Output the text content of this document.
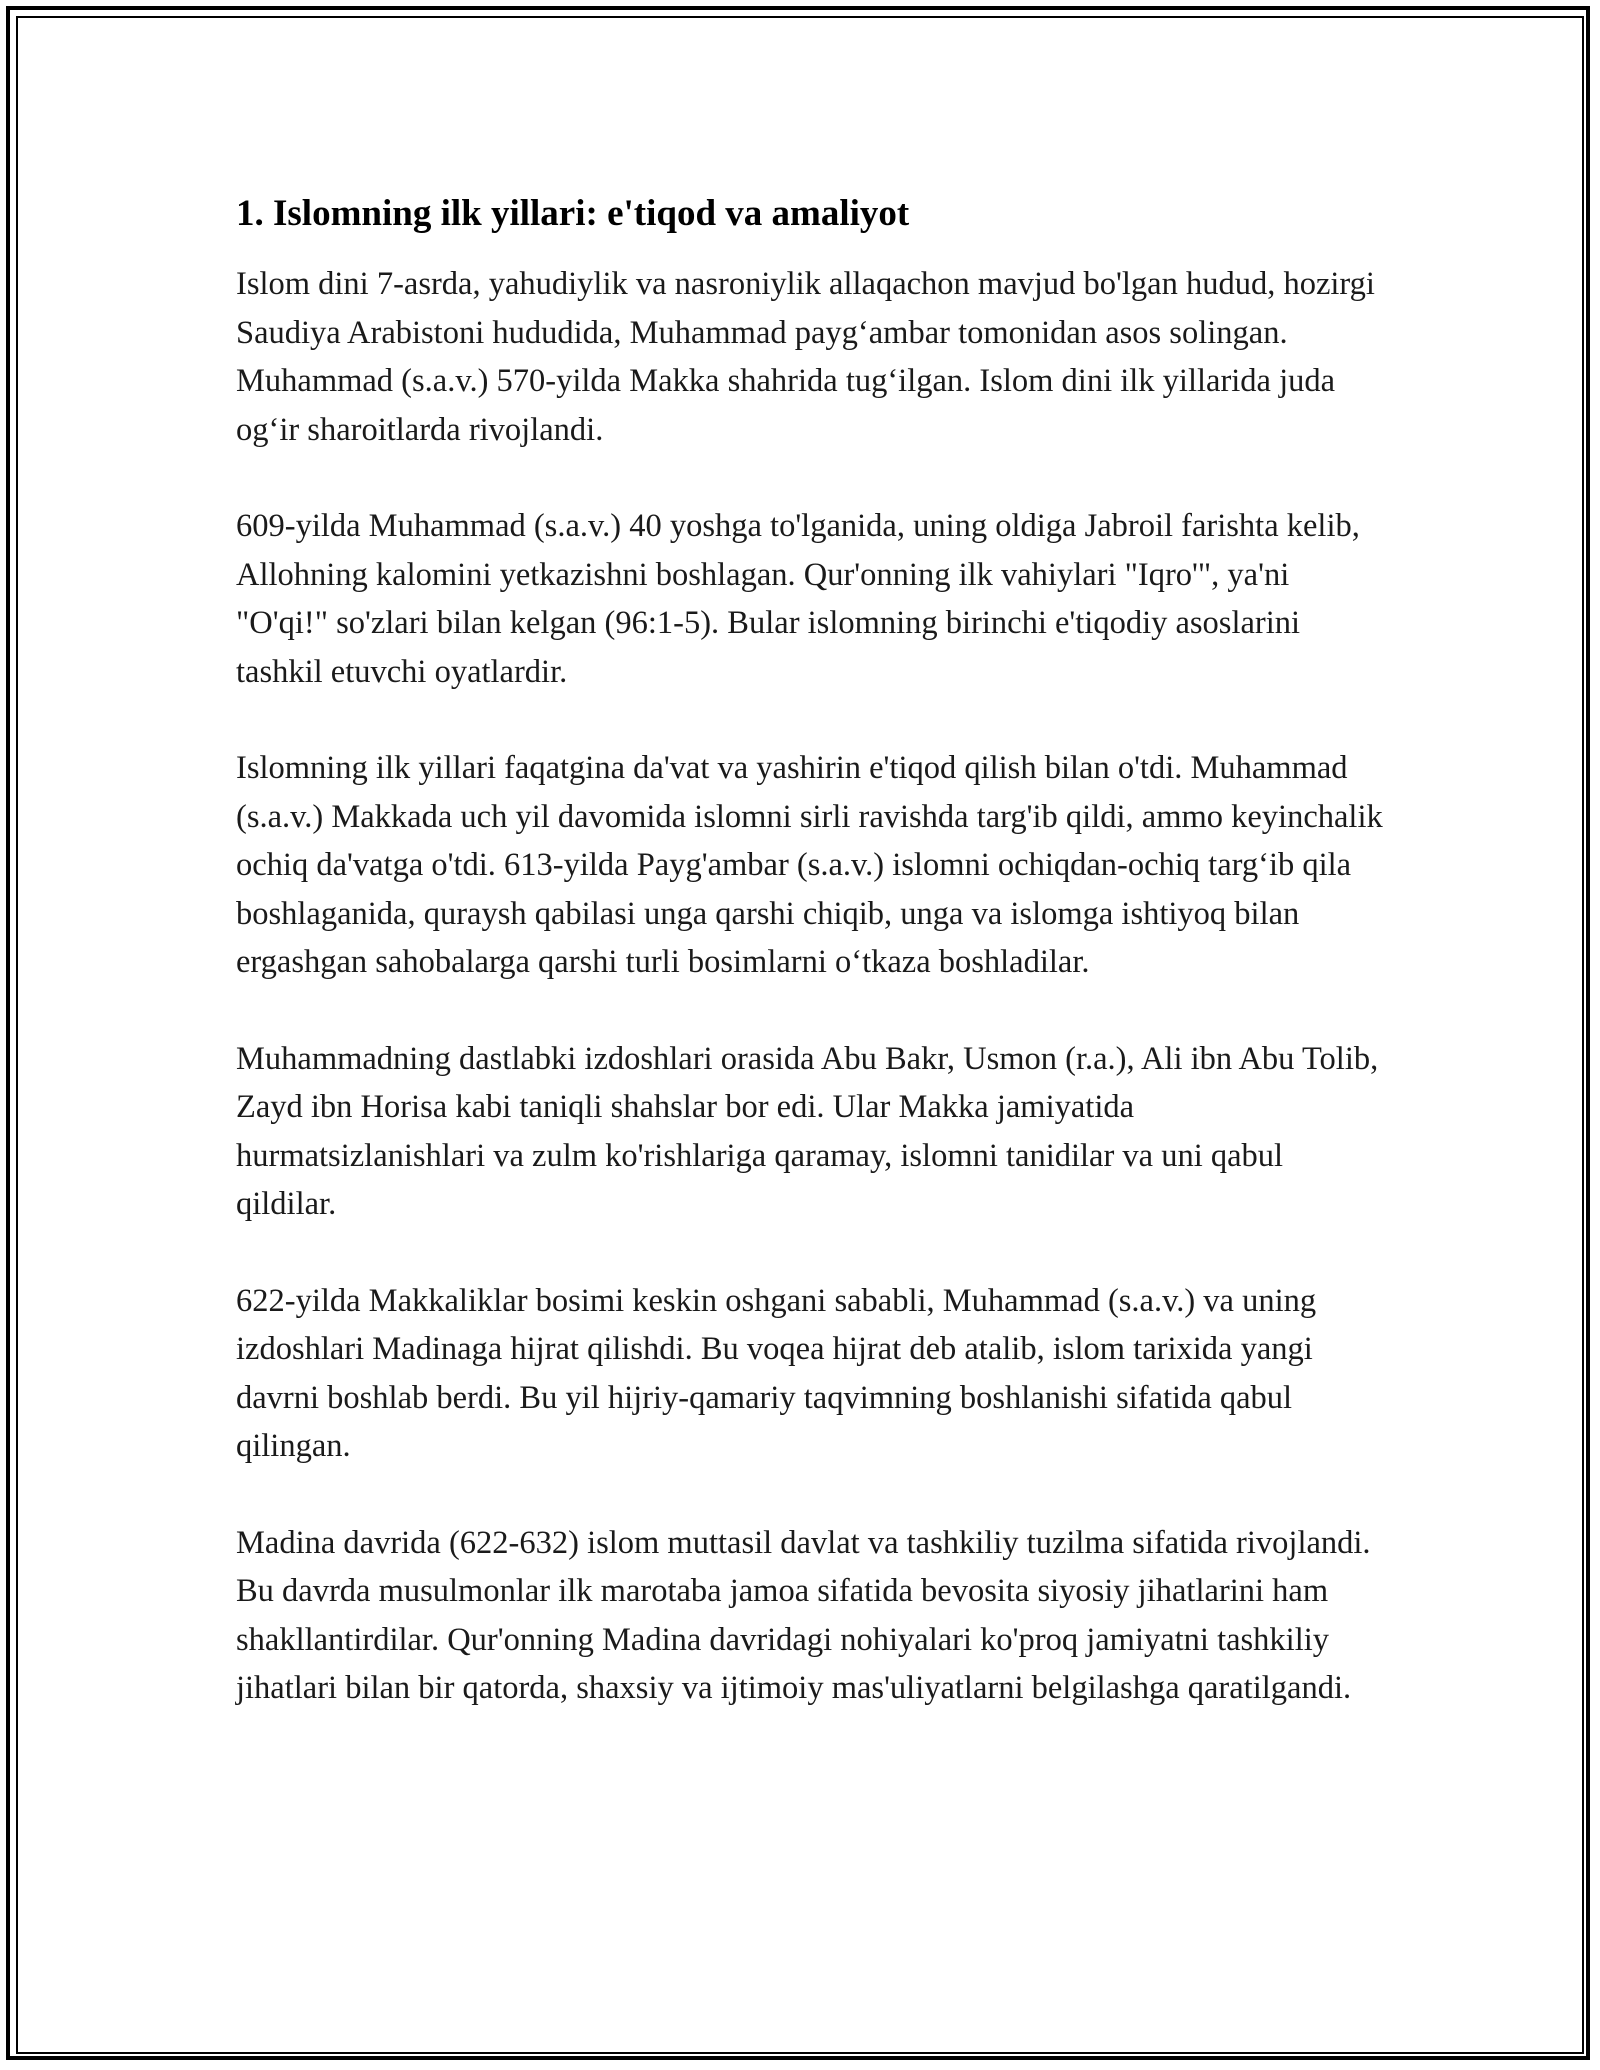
1. Islomning ilk yillari: e'tiqod va amaliyot

Islom dini 7-asrda, yahudiylik va nasroniylik allaqachon mavjud bo'lgan hudud, hozirgi Saudiya Arabistoni hududida, Muhammad payg‘ambar tomonidan asos solingan. Muhammad (s.a.v.) 570-yilda Makka shahrida tug‘ilgan. Islom dini ilk yillarida juda og‘ir sharoitlarda rivojlandi.

609-yilda Muhammad (s.a.v.) 40 yoshga to'lganida, uning oldiga Jabroil farishta kelib, Allohning kalomini yetkazishni boshlagan. Qur'onning ilk vahiylari "Iqro'", ya'ni "O'qi!" so'zlari bilan kelgan (96:1-5). Bular islomning birinchi e'tiqodiy asoslarini tashkil etuvchi oyatlardir.

Islomning ilk yillari faqatgina da'vat va yashirin e'tiqod qilish bilan o'tdi. Muhammad (s.a.v.) Makkada uch yil davomida islomni sirli ravishda targ'ib qildi, ammo keyinchalik ochiq da'vatga o'tdi. 613-yilda Payg'ambar (s.a.v.) islomni ochiqdan-ochiq targ‘ib qila boshlaganida, quraysh qabilasi unga qarshi chiqib, unga va islomga ishtiyoq bilan ergashgan sahobalarga qarshi turli bosimlarni o‘tkaza boshladilar.

Muhammadning dastlabki izdoshlari orasida Abu Bakr, Usmon (r.a.), Ali ibn Abu Tolib, Zayd ibn Horisa kabi taniqli shahslar bor edi. Ular Makka jamiyatida hurmatsizlanishlari va zulm ko'rishlariga qaramay, islomni tanidilar va uni qabul qildilar.

622-yilda Makkaliklar bosimi keskin oshgani sababli, Muhammad (s.a.v.) va uning izdoshlari Madinaga hijrat qilishdi. Bu voqea hijrat deb atalib, islom tarixida yangi davrni boshlab berdi. Bu yil hijriy-qamariy taqvimning boshlanishi sifatida qabul qilingan.

Madina davrida (622-632) islom muttasil davlat va tashkiliy tuzilma sifatida rivojlandi. Bu davrda musulmonlar ilk marotaba jamoa sifatida bevosita siyosiy jihatlarini ham shakllantirdilar. Qur'onning Madina davridagi nohiyalari ko'proq jamiyatni tashkiliy jihatlari bilan bir qatorda, shaxsiy va ijtimoiy mas'uliyatlarni belgilashga qaratilgandi.
